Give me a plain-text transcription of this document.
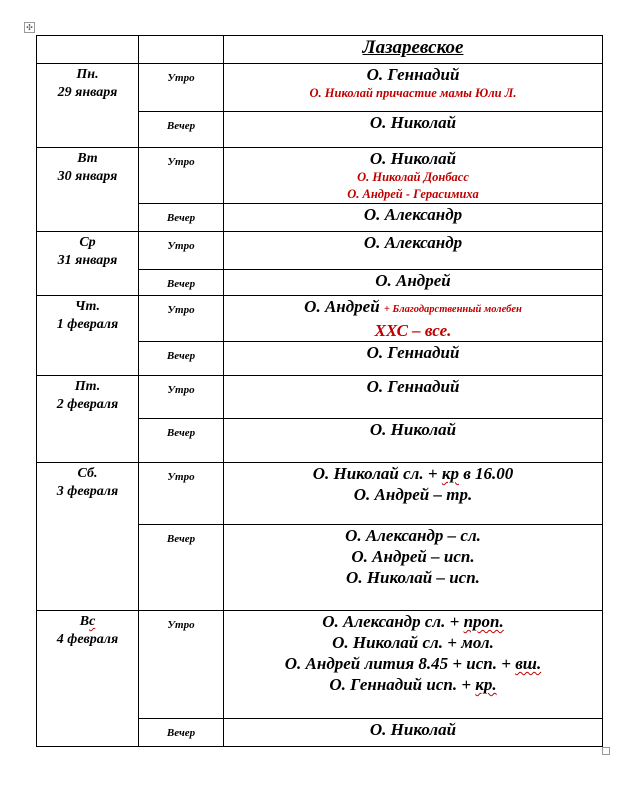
✣
		Лазаревское

Пн.
29 января	Утро	О. Геннадий
О. Николай причастие мамы Юли Л.

	Вечер	О. Николай

Вт
30 января	Утро	О. Николай
О. Николай Донбасс
О. Андрей - Герасимиха

	Вечер	О. Александр

Ср
31 января	Утро	О. Александр

	Вечер	О. Андрей

Чт.
1 февраля	Утро	О. Андрей + Благодарственный молебен
ХХС – все.

	Вечер	О. Геннадий

Пт.
2 февраля	Утро	О. Геннадий

	Вечер	О. Николай

Сб.
3 февраля	Утро	О. Николай сл. + кр в 16.00
О. Андрей – тр.

	Вечер	О. Александр – сл.
О. Андрей – исп.
О. Николай – исп.

Вс
4 февраля	Утро	О. Александр сл. + проп.
О. Николай сл. + мол.
О. Андрей лития 8.45 + исп. + вш.
О. Геннадий исп. + кр.

	Вечер	О. Николай
